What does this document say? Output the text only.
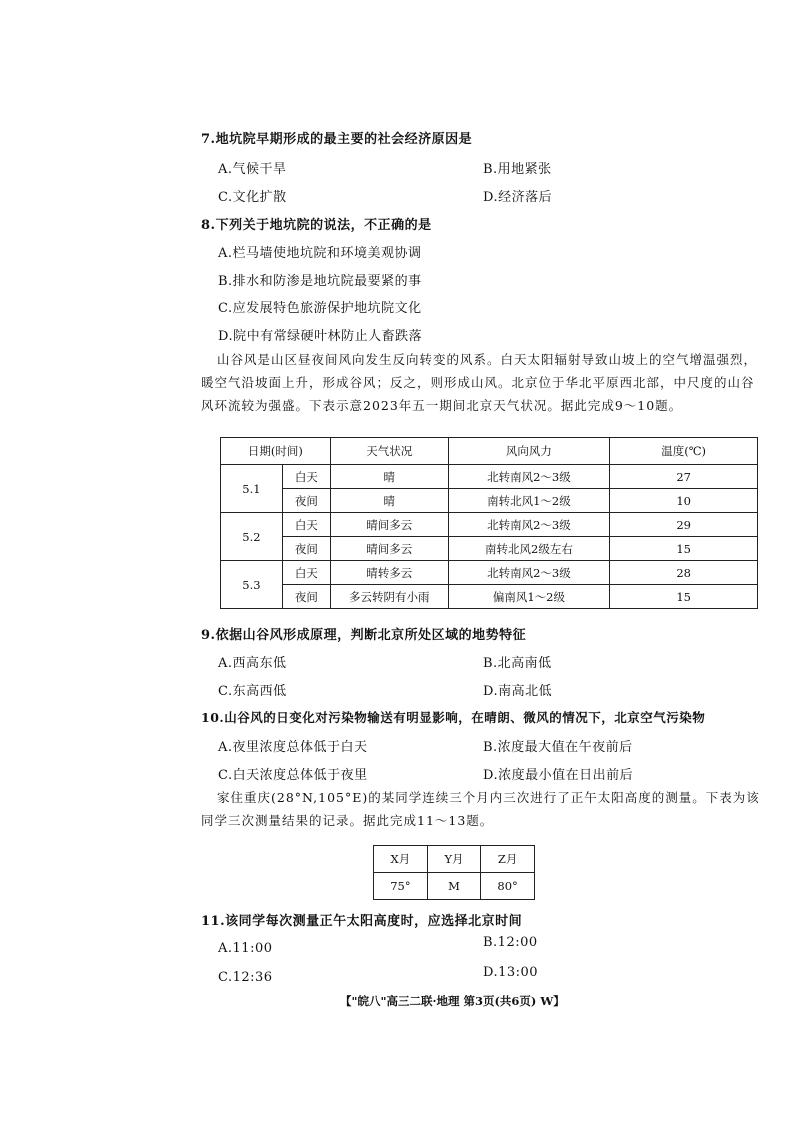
7.地坑院早期形成的最主要的社会经济原因是
A.气候干旱	B.用地紧张
C.文化扩散	D.经济落后
8.下列关于地坑院的说法，不正确的是
A.栏马墙使地坑院和环境美观协调
B.排水和防渗是地坑院最要紧的事
C.应发展特色旅游保护地坑院文化
D.院中有常绿硬叶林防止人畜跌落
山谷风是山区昼夜间风向发生反向转变的风系。白天太阳辐射导致山坡上的空气增温强烈，暖空气沿坡面上升，形成谷风；反之，则形成山风。北京位于华北平原西北部，中尺度的山谷风环流较为强盛。下表示意2023年五一期间北京天气状况。据此完成9～10题。
日期(时间)		天气状况	风向风力	温度(℃)
5.1	白天	晴	北转南风2～3级	27
	夜间	晴	南转北风1～2级	10
5.2	白天	晴间多云	北转南风2～3级	29
	夜间	晴间多云	南转北风2级左右	15
5.3	白天	晴转多云	北转南风2～3级	28
	夜间	多云转阴有小雨	偏南风1～2级	15
9.依据山谷风形成原理，判断北京所处区域的地势特征
A.西高东低	B.北高南低
C.东高西低	D.南高北低
10.山谷风的日变化对污染物输送有明显影响，在晴朗、微风的情况下，北京空气污染物
A.夜里浓度总体低于白天	B.浓度最大值在午夜前后
C.白天浓度总体低于夜里	D.浓度最小值在日出前后
家住重庆(28°N,105°E)的某同学连续三个月内三次进行了正午太阳高度的测量。下表为该同学三次测量结果的记录。据此完成11～13题。
X月	Y月	Z月
75°	M	80°
11.该同学每次测量正午太阳高度时，应选择北京时间
A.11:00	B.12:00
C.12:36	D.13:00
【"皖八"高三二联·地理 第3页(共6页) W】
